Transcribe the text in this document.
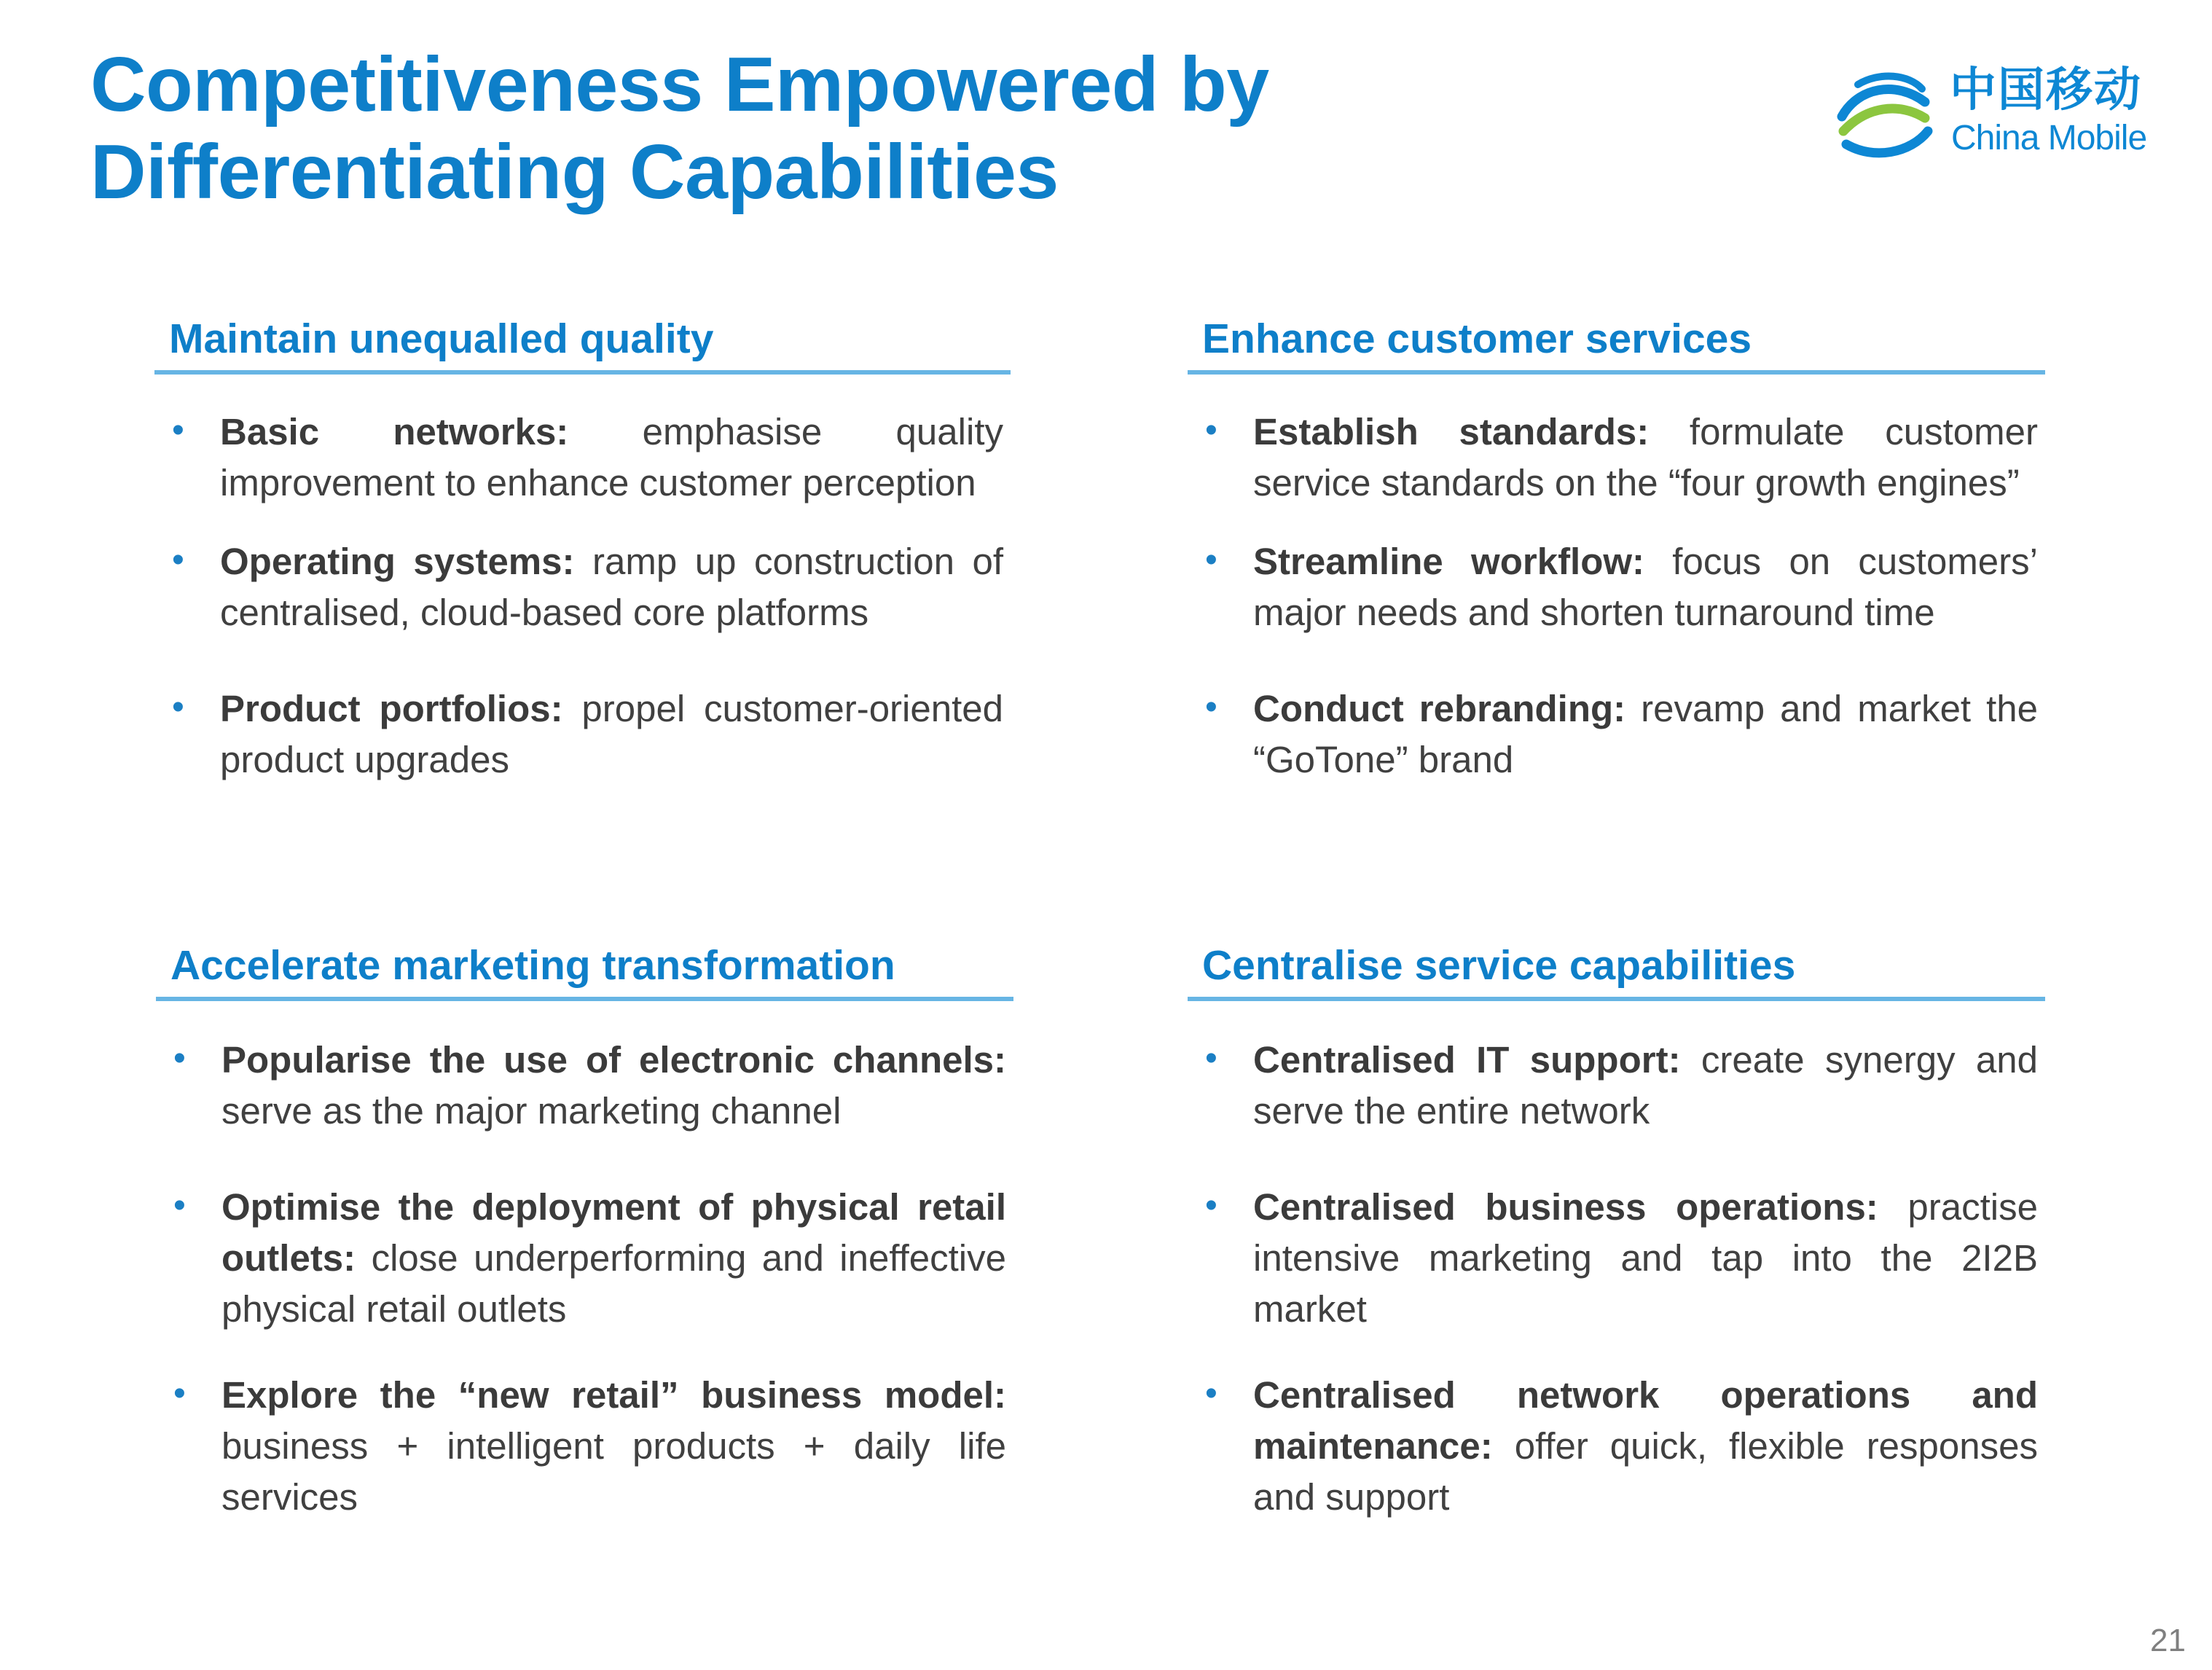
Competitiveness Empowered by
Differentiating Capabilities
中国移动
China Mobile
Maintain unequalled quality
• Basic networks: emphasise quality improvement to enhance customer perception
• Operating systems: ramp up construction of centralised, cloud-based core platforms
• Product portfolios: propel customer-oriented product upgrades
Enhance customer services
• Establish standards: formulate customer service standards on the “four growth engines”
• Streamline workflow: focus on customers’ major needs and shorten turnaround time
• Conduct rebranding: revamp and market the “GoTone” brand
Accelerate marketing transformation
• Popularise the use of electronic channels: serve as the major marketing channel
• Optimise the deployment of physical retail outlets: close underperforming and ineffective physical retail outlets
• Explore the “new retail” business model: business + intelligent products + daily life services
Centralise service capabilities
• Centralised IT support: create synergy and serve the entire network
• Centralised business operations: practise intensive marketing and tap into the 2I2B market
• Centralised network operations and maintenance: offer quick, flexible responses and support
21
